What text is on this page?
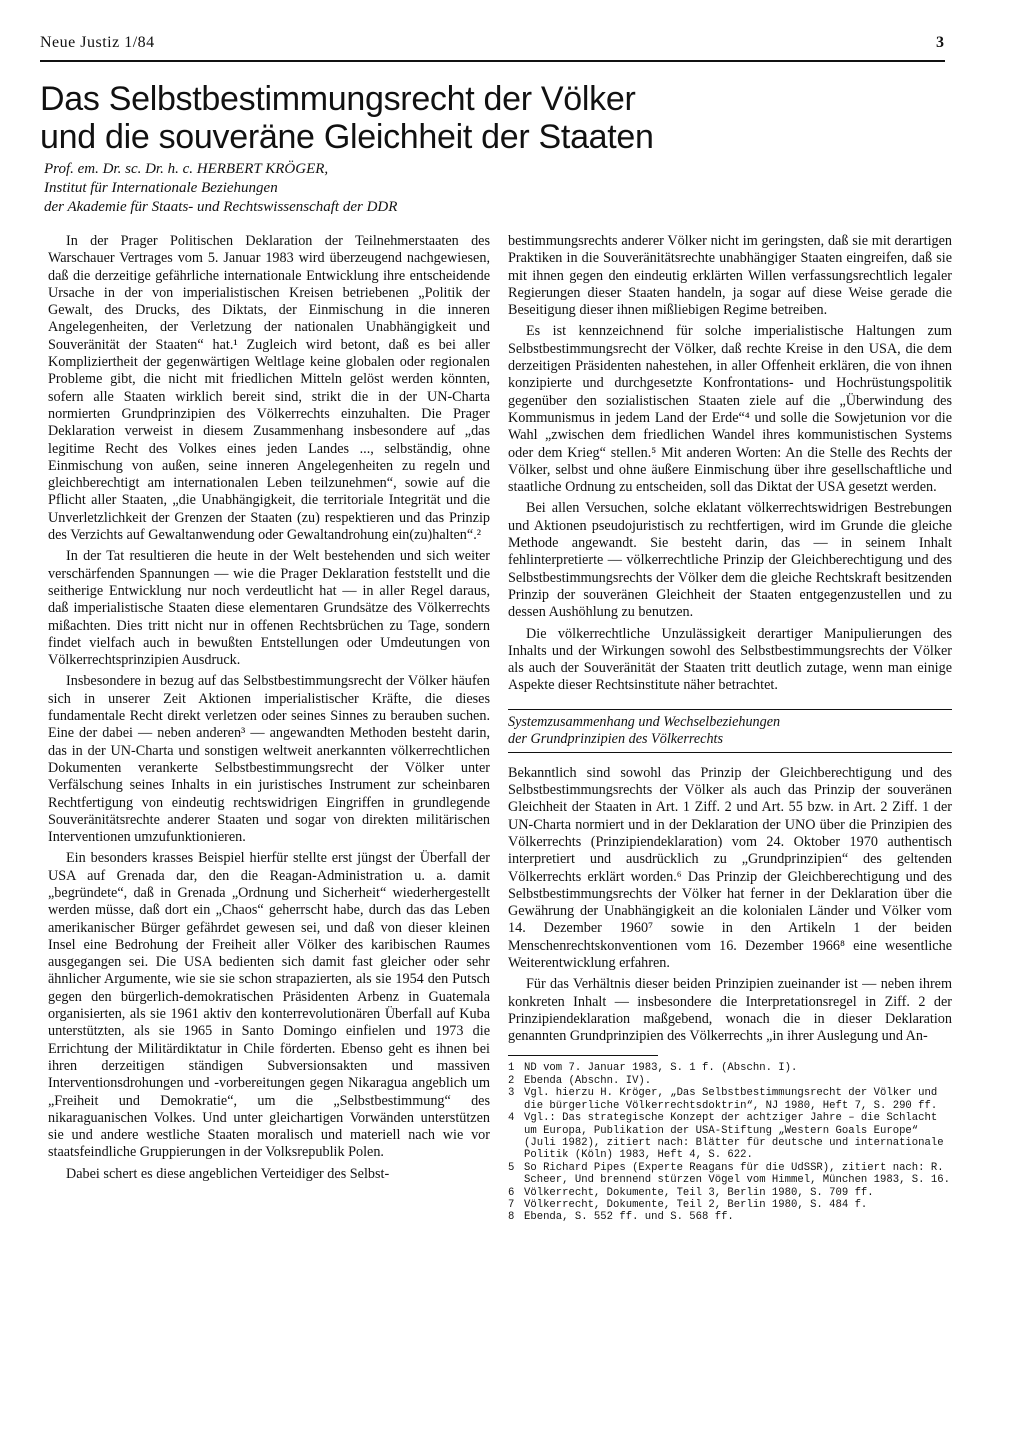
Neue Justiz 1/84	3
Das Selbstbestimmungsrecht der Völker
und die souveräne Gleichheit der Staaten
Prof. em. Dr. sc. Dr. h. c. HERBERT KRÖGER,
Institut für Internationale Beziehungen
der Akademie für Staats- und Rechtswissenschaft der DDR

In der Prager Politischen Deklaration der Teilnehmerstaaten des Warschauer Vertrages vom 5. Januar 1983 wird überzeugend nachgewiesen, daß die derzeitige gefährliche internationale Entwicklung ihre entscheidende Ursache in der von imperialistischen Kreisen betriebenen „Politik der Gewalt, des Drucks, des Diktats, der Einmischung in die inneren Angelegenheiten, der Verletzung der nationalen Unabhängigkeit und Souveränität der Staaten“ hat.¹ Zugleich wird betont, daß es bei aller Kompliziertheit der gegenwärtigen Weltlage keine globalen oder regionalen Probleme gibt, die nicht mit friedlichen Mitteln gelöst werden könnten, sofern alle Staaten wirklich bereit sind, strikt die in der UN-Charta normierten Grundprinzipien des Völkerrechts einzuhalten. Die Prager Deklaration verweist in diesem Zusammenhang insbesondere auf „das legitime Recht des Volkes eines jeden Landes ..., selbständig, ohne Einmischung von außen, seine inneren Angelegenheiten zu regeln und gleichberechtigt am internationalen Leben teilzunehmen“, sowie auf die Pflicht aller Staaten, „die Unabhängigkeit, die territoriale Integrität und die Unverletzlichkeit der Grenzen der Staaten (zu) respektieren und das Prinzip des Verzichts auf Gewaltanwendung oder Gewaltandrohung ein(zu)halten“.²

In der Tat resultieren die heute in der Welt bestehenden und sich weiter verschärfenden Spannungen — wie die Prager Deklaration feststellt und die seitherige Entwicklung nur noch verdeutlicht hat — in aller Regel daraus, daß imperialistische Staaten diese elementaren Grundsätze des Völkerrechts mißachten. Dies tritt nicht nur in offenen Rechtsbrüchen zu Tage, sondern findet vielfach auch in bewußten Entstellungen oder Umdeutungen von Völkerrechtsprinzipien Ausdruck.

Insbesondere in bezug auf das Selbstbestimmungsrecht der Völker häufen sich in unserer Zeit Aktionen imperialistischer Kräfte, die dieses fundamentale Recht direkt verletzen oder seines Sinnes zu berauben suchen. Eine der dabei — neben anderen³ — angewandten Methoden besteht darin, das in der UN-Charta und sonstigen weltweit anerkannten völkerrechtlichen Dokumenten verankerte Selbstbestimmungsrecht der Völker unter Verfälschung seines Inhalts in ein juristisches Instrument zur scheinbaren Rechtfertigung von eindeutig rechtswidrigen Eingriffen in grundlegende Souveränitätsrechte anderer Staaten und sogar von direkten militärischen Interventionen umzufunktionieren.

Ein besonders krasses Beispiel hierfür stellte erst jüngst der Überfall der USA auf Grenada dar, den die Reagan-Administration u. a. damit „begründete“, daß in Grenada „Ordnung und Sicherheit“ wiederhergestellt werden müsse, daß dort ein „Chaos“ geherrscht habe, durch das das Leben amerikanischer Bürger gefährdet gewesen sei, und daß von dieser kleinen Insel eine Bedrohung der Freiheit aller Völker des karibischen Raumes ausgegangen sei. Die USA bedienten sich damit fast gleicher oder sehr ähnlicher Argumente, wie sie sie schon strapazierten, als sie 1954 den Putsch gegen den bürgerlich-demokratischen Präsidenten Arbenz in Guatemala organisierten, als sie 1961 aktiv den konterrevolutionären Überfall auf Kuba unterstützten, als sie 1965 in Santo Domingo einfielen und 1973 die Errichtung der Militärdiktatur in Chile förderten. Ebenso geht es ihnen bei ihren derzeitigen ständigen Subversionsakten und massiven Interventionsdrohungen und -vorbereitungen gegen Nikaragua angeblich um „Freiheit und Demokratie“, um die „Selbstbestimmung“ des nikaraguanischen Volkes. Und unter gleichartigen Vorwänden unterstützen sie und andere westliche Staaten moralisch und materiell nach wie vor staatsfeindliche Gruppierungen in der Volksrepublik Polen.

Dabei schert es diese angeblichen Verteidiger des Selbst-

bestimmungsrechts anderer Völker nicht im geringsten, daß sie mit derartigen Praktiken in die Souveränitätsrechte unabhängiger Staaten eingreifen, daß sie mit ihnen gegen den eindeutig erklärten Willen verfassungsrechtlich legaler Regierungen dieser Staaten handeln, ja sogar auf diese Weise gerade die Beseitigung dieser ihnen mißliebigen Regime betreiben.

Es ist kennzeichnend für solche imperialistische Haltungen zum Selbstbestimmungsrecht der Völker, daß rechte Kreise in den USA, die dem derzeitigen Präsidenten nahestehen, in aller Offenheit erklären, die von ihnen konzipierte und durchgesetzte Konfrontations- und Hochrüstungspolitik gegenüber den sozialistischen Staaten ziele auf die „Überwindung des Kommunismus in jedem Land der Erde“⁴ und solle die Sowjetunion vor die Wahl „zwischen dem friedlichen Wandel ihres kommunistischen Systems oder dem Krieg“ stellen.⁵ Mit anderen Worten: An die Stelle des Rechts der Völker, selbst und ohne äußere Einmischung über ihre gesellschaftliche und staatliche Ordnung zu entscheiden, soll das Diktat der USA gesetzt werden.

Bei allen Versuchen, solche eklatant völkerrechtswidrigen Bestrebungen und Aktionen pseudojuristisch zu rechtfertigen, wird im Grunde die gleiche Methode angewandt. Sie besteht darin, das — in seinem Inhalt fehlinterpretierte — völkerrechtliche Prinzip der Gleichberechtigung und des Selbstbestimmungsrechts der Völker dem die gleiche Rechtskraft besitzenden Prinzip der souveränen Gleichheit der Staaten entgegenzustellen und zu dessen Aushöhlung zu benutzen.

Die völkerrechtliche Unzulässigkeit derartiger Manipulierungen des Inhalts und der Wirkungen sowohl des Selbstbestimmungsrechts der Völker als auch der Souveränität der Staaten tritt deutlich zutage, wenn man einige Aspekte dieser Rechtsinstitute näher betrachtet.

Systemzusammenhang und Wechselbeziehungen
der Grundprinzipien des Völkerrechts

Bekanntlich sind sowohl das Prinzip der Gleichberechtigung und des Selbstbestimmungsrechts der Völker als auch das Prinzip der souveränen Gleichheit der Staaten in Art. 1 Ziff. 2 und Art. 55 bzw. in Art. 2 Ziff. 1 der UN-Charta normiert und in der Deklaration der UNO über die Prinzipien des Völkerrechts (Prinzipiendeklaration) vom 24. Oktober 1970 authentisch interpretiert und ausdrücklich zu „Grundprinzipien“ des geltenden Völkerrechts erklärt worden.⁶ Das Prinzip der Gleichberechtigung und des Selbstbestimmungsrechts der Völker hat ferner in der Deklaration über die Gewährung der Unabhängigkeit an die kolonialen Länder und Völker vom 14. Dezember 1960⁷ sowie in den Artikeln 1 der beiden Menschenrechtskonventionen vom 16. Dezember 1966⁸ eine wesentliche Weiterentwicklung erfahren.

Für das Verhältnis dieser beiden Prinzipien zueinander ist — neben ihrem konkreten Inhalt — insbesondere die Interpretationsregel in Ziff. 2 der Prinzipiendeklaration maßgebend, wonach die in dieser Deklaration genannten Grundprinzipien des Völkerrechts „in ihrer Auslegung und An-

1 ND vom 7. Januar 1983, S. 1 f. (Abschn. I).
2 Ebenda (Abschn. IV).
3 Vgl. hierzu H. Kröger, „Das Selbstbestimmungsrecht der Völker und die bürgerliche Völkerrechtsdoktrin“, NJ 1980, Heft 7, S. 290 ff.
4 Vgl.: Das strategische Konzept der achtziger Jahre – die Schlacht um Europa, Publikation der USA-Stiftung „Western Goals Europe“ (Juli 1982), zitiert nach: Blätter für deutsche und internationale Politik (Köln) 1983, Heft 4, S. 622.
5 So Richard Pipes (Experte Reagans für die UdSSR), zitiert nach: R. Scheer, Und brennend stürzen Vögel vom Himmel, München 1983, S. 16.
6 Völkerrecht, Dokumente, Teil 3, Berlin 1980, S. 709 ff.
7 Völkerrecht, Dokumente, Teil 2, Berlin 1980, S. 484 f.
8 Ebenda, S. 552 ff. und S. 568 ff.
